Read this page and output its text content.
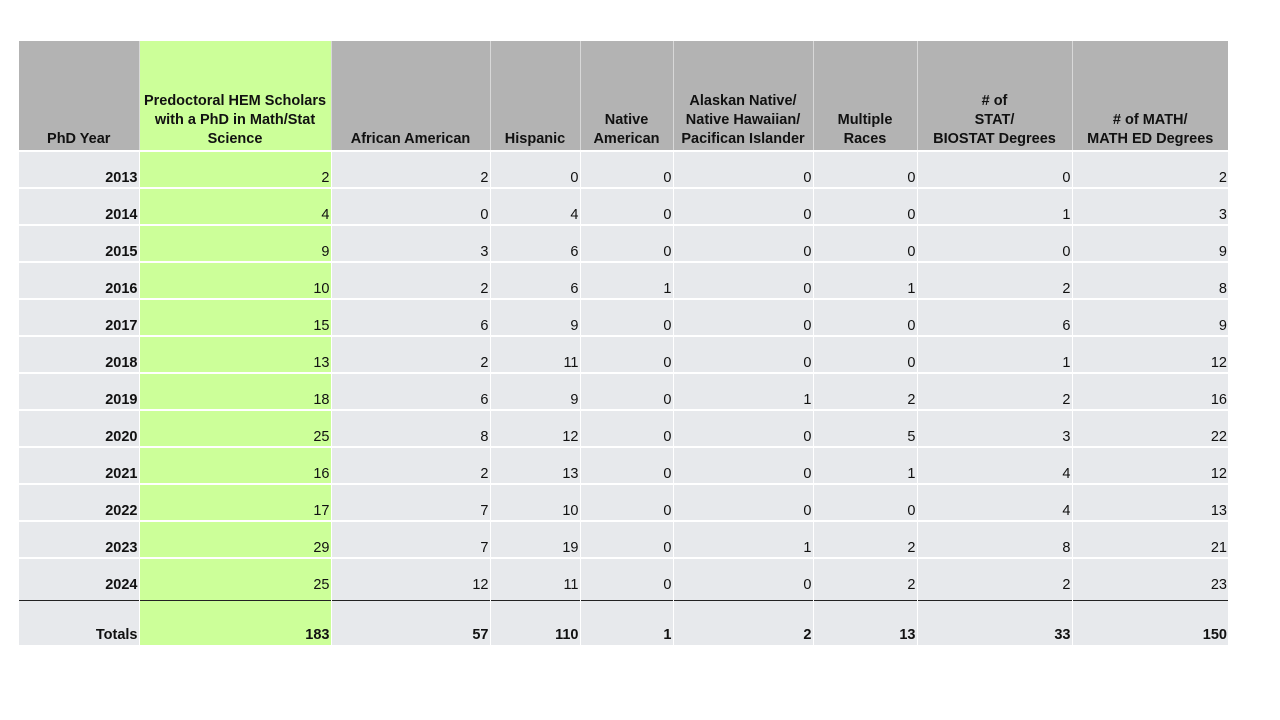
PhD Year	Predoctoral HEM Scholars
with a PhD in Math/Stat
Science	African American	Hispanic	Native
American	Alaskan Native/
Native Hawaiian/
Pacifican Islander	Multiple
Races	# of
STAT/
BIOSTAT Degrees	# of MATH/
MATH ED Degrees
2013	2	2	0	0	0	0	0	2
2014	4	0	4	0	0	0	1	3
2015	9	3	6	0	0	0	0	9
2016	10	2	6	1	0	1	2	8
2017	15	6	9	0	0	0	6	9
2018	13	2	11	0	0	0	1	12
2019	18	6	9	0	1	2	2	16
2020	25	8	12	0	0	5	3	22
2021	16	2	13	0	0	1	4	12
2022	17	7	10	0	0	0	4	13
2023	29	7	19	0	1	2	8	21
2024	25	12	11	0	0	2	2	23

Totals	183	57	110	1	2	13	33	150
